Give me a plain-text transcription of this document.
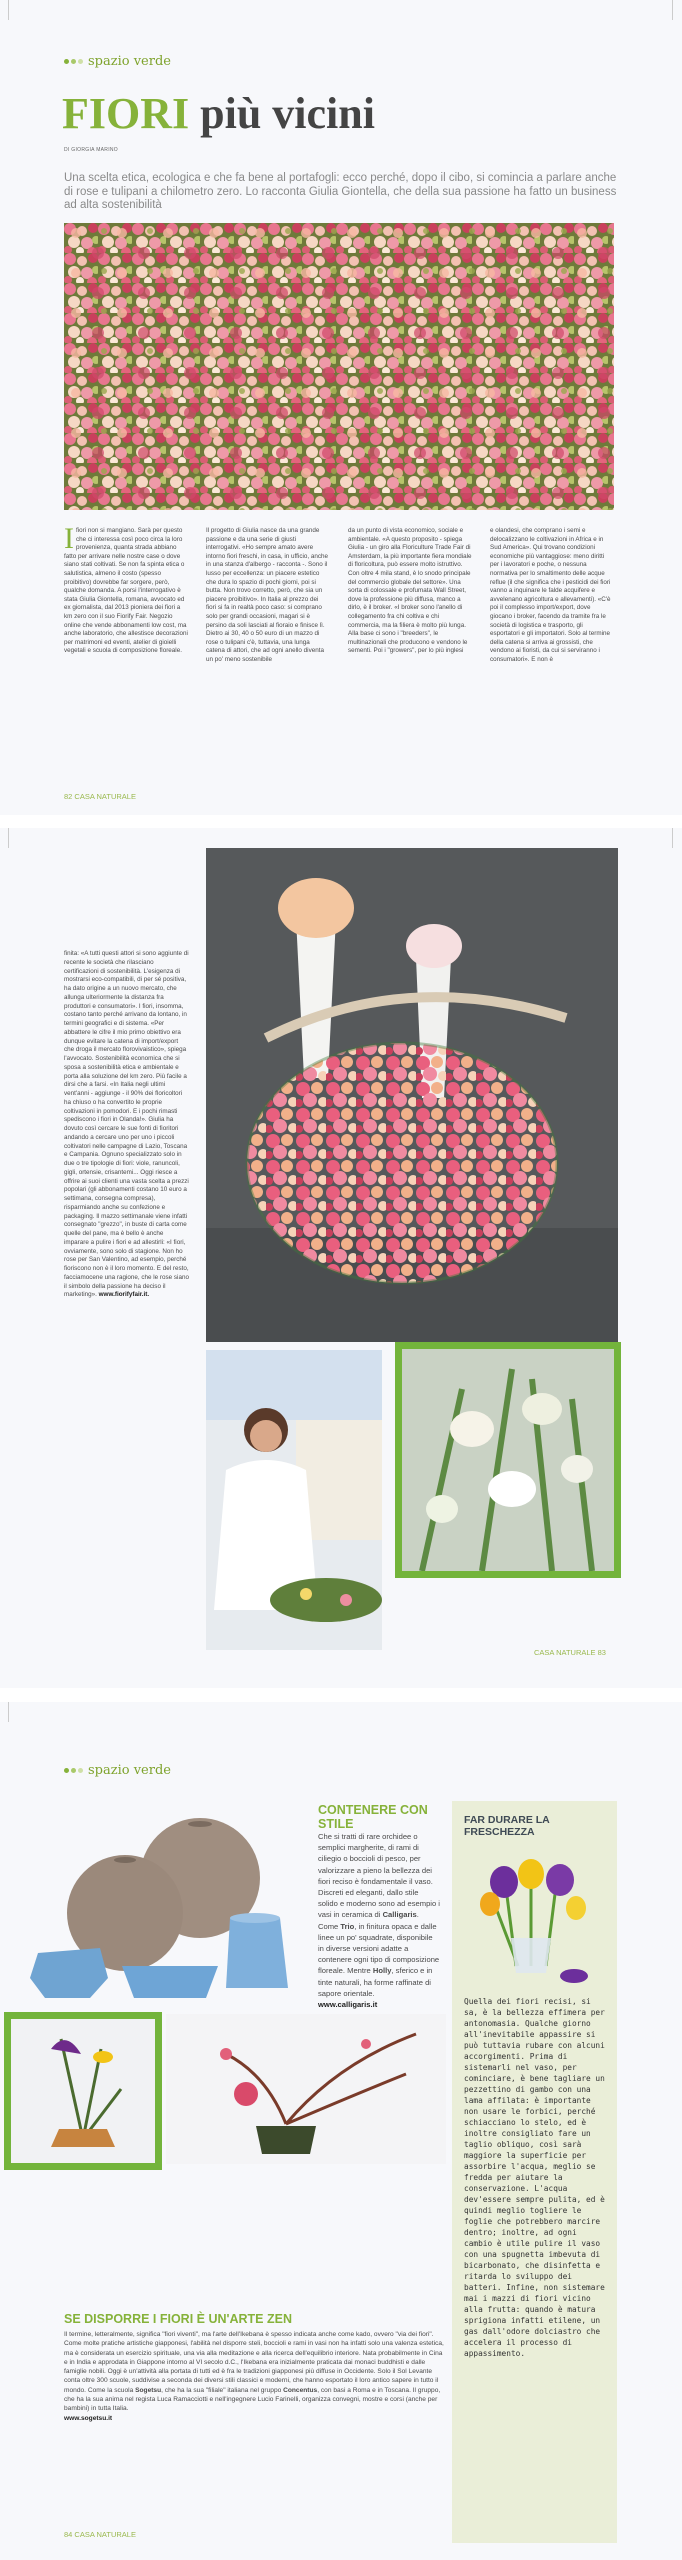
spazio verde
FIORI più vicini
DI GIORGIA MARINO

Una scelta etica, ecologica e che fa bene al portafogli: ecco perché, dopo il cibo, si comincia a parlare anche di rose e tulipani a chilometro zero. Lo racconta Giulia Giontella, che della sua passione ha fatto un business ad alta sostenibilità

Ifiori non si mangiano. Sarà per questo che ci interessa così poco circa la loro provenienza, quanta strada abbiano fatto per arrivare nelle nostre case o dove siano stati coltivati. Se non fa spinta etica o salutistica, almeno il costo (spesso proibitivo) dovrebbe far sorgere, però, qualche domanda. A porsi l'interrogativo è stata Giulia Giontella, romana, avvocato ed ex giornalista, dal 2013 pioniera dei fiori a km zero con il suo Fiorify Fair. Negozio online che vende abbonamenti low cost, ma anche laboratorio, che allestisce decorazioni per matrimoni ed eventi, atelier di gioielli vegetali e scuola di composizione floreale.

Il progetto di Giulia nasce da una grande passione e da una serie di giusti interrogativi. «Ho sempre amato avere intorno fiori freschi, in casa, in ufficio, anche in una stanza d'albergo - racconta -. Sono il lusso per eccellenza: un piacere estetico che dura lo spazio di pochi giorni, poi si butta. Non trovo corretto, però, che sia un piacere proibitivo». In Italia al prezzo dei fiori si fa in realtà poco caso: si comprano solo per grandi occasioni, magari si è persino da soli lasciati al fioraio e finisce lì. Dietro ai 30, 40 o 50 euro di un mazzo di rose o tulipani c'è, tuttavia, una lunga catena di attori, che ad ogni anello diventa un po' meno sostenibile

da un punto di vista economico, sociale e ambientale. «A questo proposito - spiega Giulia - un giro alla Floriculture Trade Fair di Amsterdam, la più importante fiera mondiale di floricoltura, può essere molto istruttivo. Con oltre 4 mila stand, è lo snodo principale del commercio globale del settore». Una sorta di colossale e profumata Wall Street, dove la professione più diffusa, manco a dirlo, è il broker. «I broker sono l'anello di collegamento fra chi coltiva e chi commercia, ma la filiera è molto più lunga. Alla base ci sono i "breeders", le multinazionali che producono e vendono le sementi. Poi i "growers", per lo più inglesi

e olandesi, che comprano i semi e delocalizzano le coltivazioni in Africa e in Sud America». Qui trovano condizioni economiche più vantaggiose: meno diritti per i lavoratori e poche, o nessuna normativa per lo smaltimento delle acque reflue (il che significa che i pesticidi dei fiori vanno a inquinare le falde acquifere e avvelenano agricoltura e allevamenti). «C'è poi il complesso import/export, dove giocano i broker, facendo da tramite fra le società di logistica e trasporto, gli esportatori e gli importatori. Solo al termine della catena si arriva ai grossisti, che vendono ai fioristi, da cui si serviranno i consumatori». E non è

82 CASA NATURALE

finita: «A tutti questi attori si sono aggiunte di recente le società che rilasciano certificazioni di sostenibilità. L'esigenza di mostrarsi eco-compatibili, di per sé positiva, ha dato origine a un nuovo mercato, che allunga ulteriormente la distanza fra produttori e consumatori». I fiori, insomma, costano tanto perché arrivano da lontano, in termini geografici e di sistema. «Per abbattere le cifre il mio primo obiettivo era dunque evitare la catena di import/export che droga il mercato florovivaistico», spiega l'avvocato. Sostenibilità economica che si sposa a sostenibilità etica e ambientale e porta alla soluzione del km zero. Più facile a dirsi che a farsi. «In Italia negli ultimi vent'anni - aggiunge - il 90% dei floricoltori ha chiuso o ha convertito le proprie coltivazioni in pomodori. E i pochi rimasti spediscono i fiori in Olanda!». Giulia ha dovuto così cercare le sue fonti di fioritori andando a cercare uno per uno i piccoli coltivatori nelle campagne di Lazio, Toscana e Campania. Ognuno specializzato solo in due o tre tipologie di fiori: viole, ranuncoli, gigli, ortensie, crisantemi... Oggi riesce a offrire ai suoi clienti una vasta scelta a prezzi popolari (gli abbonamenti costano 10 euro a settimana, consegna compresa), risparmiando anche su confezione e packaging. Il mazzo settimanale viene infatti consegnato "grezzo", in buste di carta come quelle del pane, ma è bello è anche imparare a pulire i fiori e ad allestirli: «I fiori, ovviamente, sono solo di stagione. Non ho rose per San Valentino, ad esempio, perché fioriscono non è il loro momento. E del resto, facciamocene una ragione, che le rose siano il simbolo della passione ha deciso il marketing». www.fiorifyfair.it.

CASA NATURALE 83
spazio verde
CONTENERE CON STILE

Che si tratti di rare orchidee o semplici margherite, di rami di ciliegio o boccioli di pesco, per valorizzare a pieno la bellezza dei fiori reciso è fondamentale il vaso. Discreti ed eleganti, dallo stile solido e moderno sono ad esempio i vasi in ceramica di Calligaris. Come Trio, in finitura opaca e dalle linee un po' squadrate, disponibile in diverse versioni adatte a contenere ogni tipo di composizione floreale. Mentre Holly, sferico e in tinte naturali, ha forme raffinate di sapore orientale.
www.calligaris.it

FAR DURARE LA FRESCHEZZA

Quella dei fiori recisi, si sa, è la bellezza effimera per antonomasia. Qualche giorno all'inevitabile appassire si può tuttavia rubare con alcuni accorgimenti. Prima di sistemarli nel vaso, per cominciare, è bene tagliare un pezzettino di gambo con una lama affilata: è importante non usare le forbici, perché schiacciano lo stelo, ed è inoltre consigliato fare un taglio obliquo, così sarà maggiore la superficie per assorbire l'acqua, meglio se fredda per aiutare la conservazione. L'acqua dev'essere sempre pulita, ed è quindi meglio togliere le foglie che potrebbero marcire dentro; inoltre, ad ogni cambio è utile pulire il vaso con una spugnetta imbevuta di bicarbonato, che disinfetta e ritarda lo sviluppo dei batteri. Infine, non sistemare mai i mazzi di fiori vicino alla frutta: quando è matura sprigiona infatti etilene, un gas dall'odore dolciastro che accelera il processo di appassimento.

SE DISPORRE I FIORI È UN'ARTE ZEN

Il termine, letteralmente, significa "fiori viventi", ma l'arte dell'Ikebana è spesso indicata anche come kado, ovvero "via dei fiori". Come molte pratiche artistiche giapponesi, l'abilità nel disporre steli, boccioli e rami in vasi non ha infatti solo una valenza estetica, ma è considerata un esercizio spirituale, una via alla meditazione e alla ricerca dell'equilibrio interiore. Nata probabilmente in Cina e in India e approdata in Giappone intorno al VI secolo d.C., l'Ikebana era inizialmente praticata dai monaci buddhisti e dalle famiglie nobili. Oggi è un'attività alla portata di tutti ed è fra le tradizioni giapponesi più diffuse in Occidente. Solo il Sol Levante conta oltre 300 scuole, suddivise a seconda dei diversi stili classici e moderni, che hanno esportato il loro antico sapere in tutto il mondo. Come la scuola Sogetsu, che ha la sua "filiale" italiana nel gruppo Concentus, con basi a Roma e in Toscana. Il gruppo, che ha la sua anima nel regista Luca Ramacciotti e nell'ingegnere Lucio Farinelli, organizza convegni, mostre e corsi (anche per bambini) in tutta Italia.
www.sogetsu.it

84 CASA NATURALE
